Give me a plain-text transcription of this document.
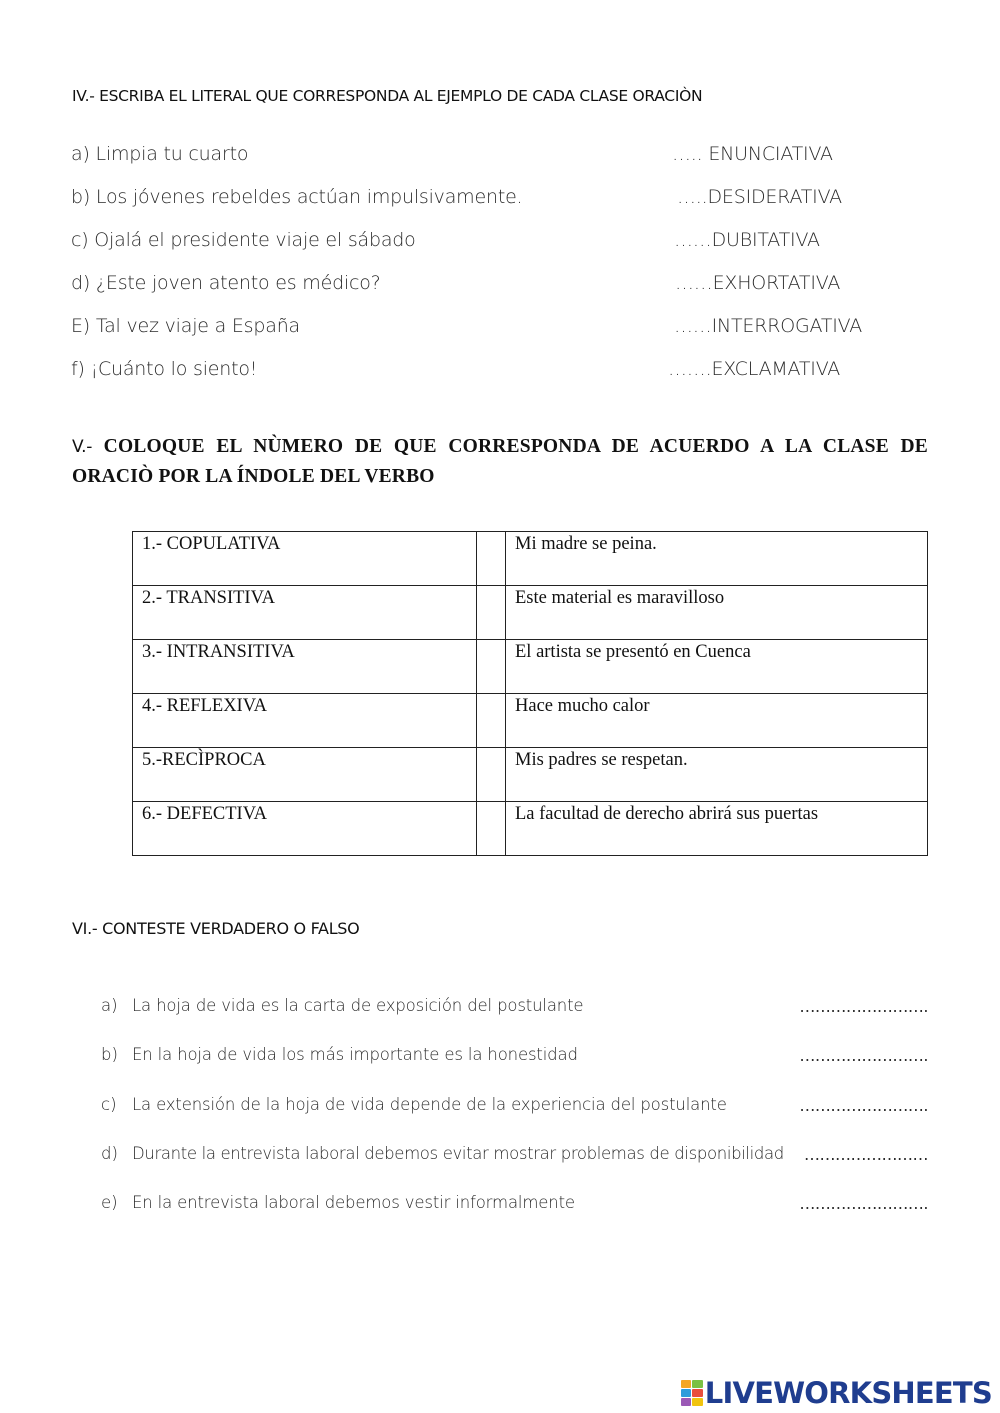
IV.- ESCRIBA EL LITERAL QUE CORRESPONDA AL EJEMPLO DE CADA CLASE ORACIÒN
a) Limpia tu cuarto	….. ENUNCIATIVA
b) Los jóvenes rebeldes actúan impulsivamente.	…..DESIDERATIVA
c) Ojalá el presidente viaje el sábado	……DUBITATIVA
d) ¿Este joven atento es médico?	……EXHORTATIVA
E) Tal vez viaje a España	……INTERROGATIVA
f) ¡Cuánto lo siento!	…….EXCLAMATIVA
V.- COLOQUE EL NÙMERO DE QUE CORRESPONDA DE ACUERDO A LA CLASE DE ORACIÒ POR LA ÍNDOLE DEL VERBO
1.- COPULATIVA		Mi madre se peina.
2.- TRANSITIVA		Este material es maravilloso
3.- INTRANSITIVA		El artista se presentó en Cuenca
4.- REFLEXIVA		Hace mucho calor
5.-RECÌPROCA		Mis padres se respetan.
6.- DEFECTIVA		La facultad de derecho abrirá sus puertas
VI.- CONTESTE VERDADERO O FALSO
a) La hoja de vida es la carta de exposición del postulante	…………………….
b) En la hoja de vida los más importante es la honestidad	…………………….
c) La extensión de la hoja de vida depende de la experiencia del postulante	…………………….
d) Durante la entrevista laboral debemos evitar mostrar problemas de disponibilidad ……………………
e) En la entrevista laboral debemos vestir informalmente	…………………….
LIVEWORKSHEETS
